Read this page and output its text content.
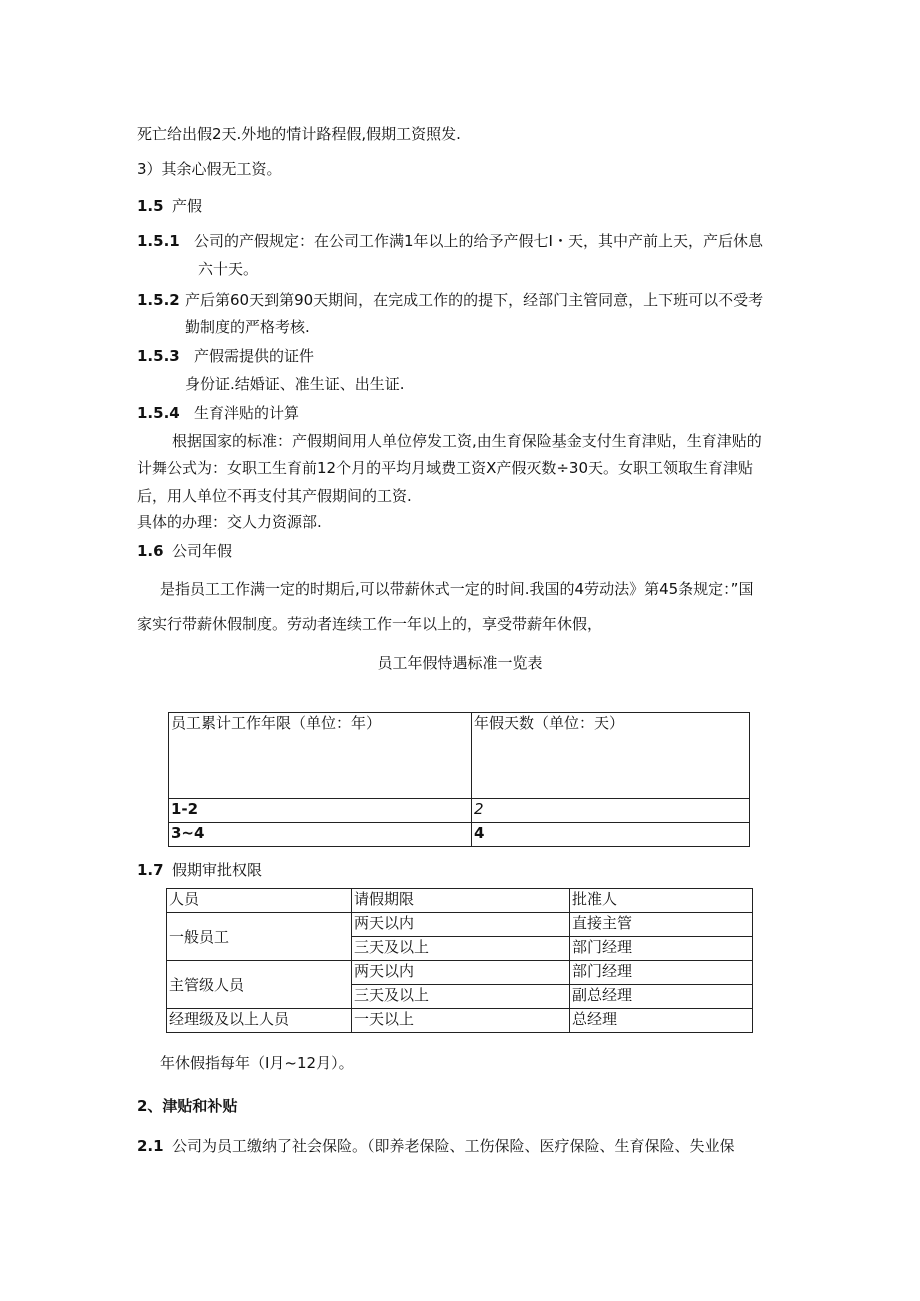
死亡给出假2天.外地的情计路程假,假期工资照发.
3）其余心假无工资。
1.5 产假
1.5.1 公司的产假规定：在公司工作满1年以上的给予产假七I・天，其中产前上天，产后休息
六十天。
1.5.2 产后第60天到第90天期间，在完成工作的的提下，经部门主管同意，上下班可以不受考
勤制度的严格考核.
1.5.3 产假需提供的证件
身份证.结婚证、准生证、出生证.
1.5.4 生育泮贴的计算
根据国家的标准：产假期间用人单位停发工资,由生育保险基金支付生育津贴，生育津贴的
计舞公式为：女职工生育前12个月的平均月域费工资X产假灭数÷30天。女职工领取生育津贴
后，用人单位不再支付其产假期间的工资.
具体的办理：交人力资源部.
1.6 公司年假
是指员工工作满一定的时期后,可以带薪休式一定的时间.我国的4劳动法》第45条规定：”国
家实行带薪休假制度。劳动者连续工作一年以上的，享受带薪年休假，
员工年假恃遇标准一览表
员工累计工作年限（单位：年）	年假天数（单位：天）
1-2	2
3~4	4
1.7 假期审批权限
人员	请假期限	批准人
一般员工	两天以内	直接主管
	三天及以上	部门经理
主管级人员	两天以内	部门经理
	三天及以上	副总经理
经理级及以上人员	一天以上	总经理
年休假指每年（I月~12月）。
2、津贴和补贴
2.1 公司为员工缴纳了社会保险。（即养老保险、工伤保险、医疗保险、生育保险、失业保
